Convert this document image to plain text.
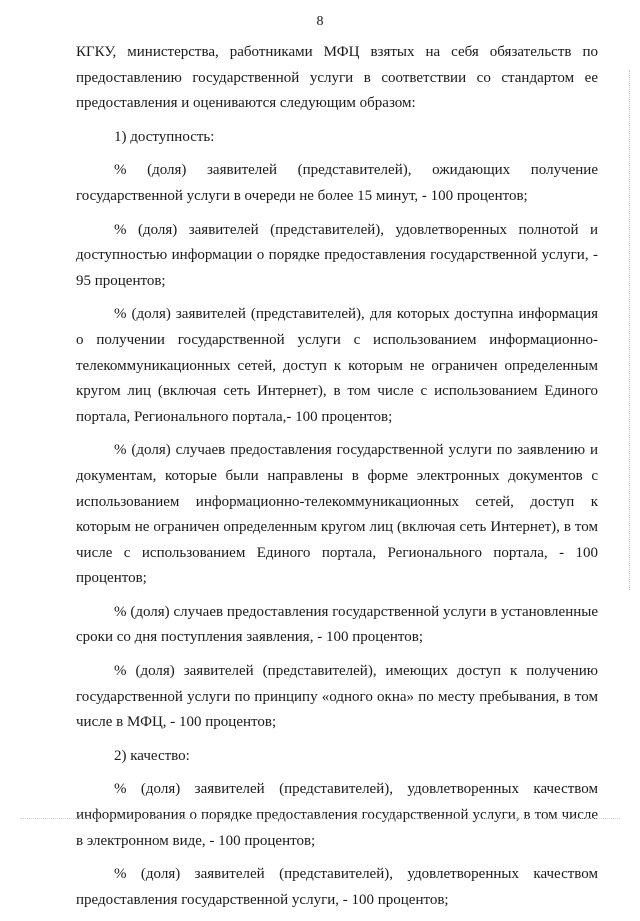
8

КГКУ, министерства, работниками МФЦ взятых на себя обязательств по предоставлению государственной услуги в соответствии со стандартом ее предоставления и оцениваются следующим образом:

1) доступность:

% (доля) заявителей (представителей), ожидающих получение государственной услуги в очереди не более 15 минут, - 100 процентов;

% (доля) заявителей (представителей), удовлетворенных полнотой и доступностью информации о порядке предоставления государственной услуги, - 95 процентов;

% (доля) заявителей (представителей), для которых доступна информация о получении государственной услуги с использованием информационно-телекоммуникационных сетей, доступ к которым не ограничен определенным кругом лиц (включая сеть Интернет), в том числе с использованием Единого портала, Регионального портала,- 100 процентов;

% (доля) случаев предоставления государственной услуги по заявлению и документам, которые были направлены в форме электронных документов с использованием информационно-телекоммуникационных сетей, доступ к которым не ограничен определенным кругом лиц (включая сеть Интернет), в том числе с использованием Единого портала, Регионального портала, - 100 процентов;

% (доля) случаев предоставления государственной услуги в установленные сроки со дня поступления заявления, - 100 процентов;

% (доля) заявителей (представителей), имеющих доступ к получению государственной услуги по принципу «одного окна» по месту пребывания, в том числе в МФЦ, - 100 процентов;

2) качество:

% (доля) заявителей (представителей), удовлетворенных качеством информирования о порядке предоставления государственной услуги, в том числе в электронном виде, - 100 процентов;

% (доля) заявителей (представителей), удовлетворенных качеством предоставления государственной услуги, - 100 процентов;
